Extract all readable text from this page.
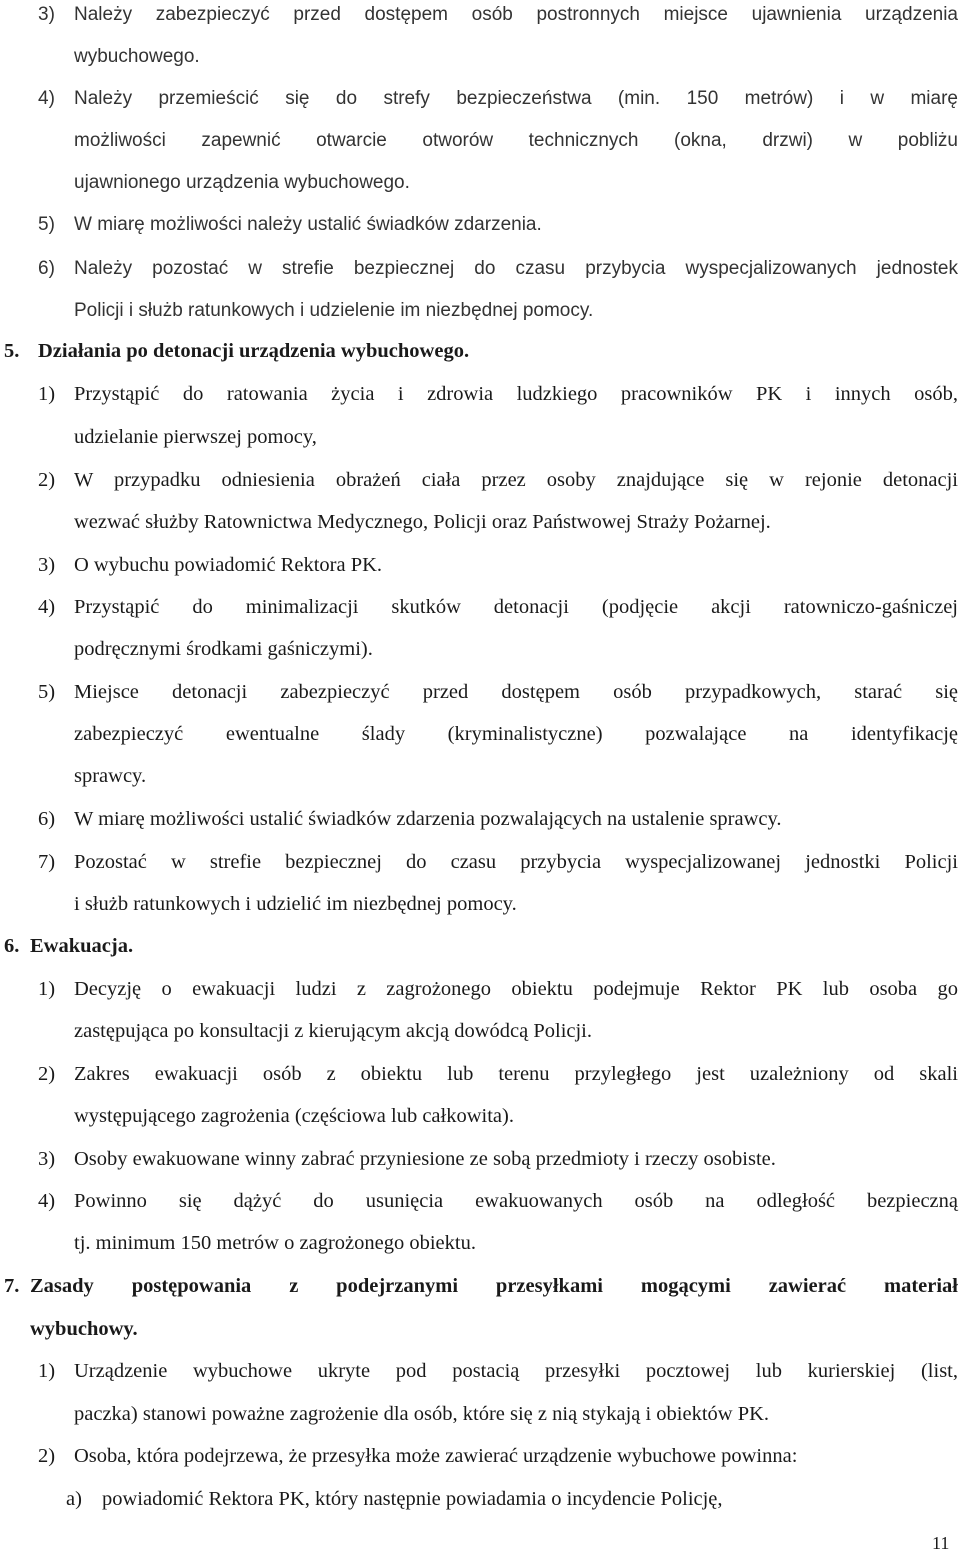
3) Należy zabezpieczyć przed dostępem osób postronnych miejsce ujawnienia urządzenia
wybuchowego.
4) Należy przemieścić się do strefy bezpieczeństwa (min. 150 metrów) i w miarę
możliwości zapewnić otwarcie otworów technicznych (okna, drzwi) w pobliżu
ujawnionego urządzenia wybuchowego.
5) W miarę możliwości należy ustalić świadków zdarzenia.
6) Należy pozostać w strefie bezpiecznej do czasu przybycia wyspecjalizowanych jednostek
Policji i służb ratunkowych i udzielenie im niezbędnej pomocy.
5. Działania po detonacji urządzenia wybuchowego.
1) Przystąpić do ratowania życia i zdrowia ludzkiego pracowników PK i innych osób,
udzielanie pierwszej pomocy,
2) W przypadku odniesienia obrażeń ciała przez osoby znajdujące się w rejonie detonacji
wezwać służby Ratownictwa Medycznego, Policji oraz Państwowej Straży Pożarnej.
3) O wybuchu powiadomić Rektora PK.
4) Przystąpić do minimalizacji skutków detonacji (podjęcie akcji ratowniczo-gaśniczej
podręcznymi środkami gaśniczymi).
5) Miejsce detonacji zabezpieczyć przed dostępem osób przypadkowych, starać się
zabezpieczyć ewentualne ślady (kryminalistyczne) pozwalające na identyfikację
sprawcy.
6) W miarę możliwości ustalić świadków zdarzenia pozwalających na ustalenie sprawcy.
7) Pozostać w strefie bezpiecznej do czasu przybycia wyspecjalizowanej jednostki Policji
i służb ratunkowych i udzielić im niezbędnej pomocy.
6. Ewakuacja.
1) Decyzję o ewakuacji ludzi z zagrożonego obiektu podejmuje Rektor PK lub osoba go
zastępująca po konsultacji z kierującym akcją dowódcą Policji.
2) Zakres ewakuacji osób z obiektu lub terenu przyległego jest uzależniony od skali
występującego zagrożenia (częściowa lub całkowita).
3) Osoby ewakuowane winny zabrać przyniesione ze sobą przedmioty i rzeczy osobiste.
4) Powinno się dążyć do usunięcia ewakuowanych osób na odległość bezpieczną
tj. minimum 150 metrów o zagrożonego obiektu.
7. Zasady postępowania z podejrzanymi przesyłkami mogącymi zawierać materiał
wybuchowy.
1) Urządzenie wybuchowe ukryte pod postacią przesyłki pocztowej lub kurierskiej (list,
paczka) stanowi poważne zagrożenie dla osób, które się z nią stykają i obiektów PK.
2) Osoba, która podejrzewa, że przesyłka może zawierać urządzenie wybuchowe powinna:
a) powiadomić Rektora PK, który następnie powiadamia o incydencie Policję,
11
